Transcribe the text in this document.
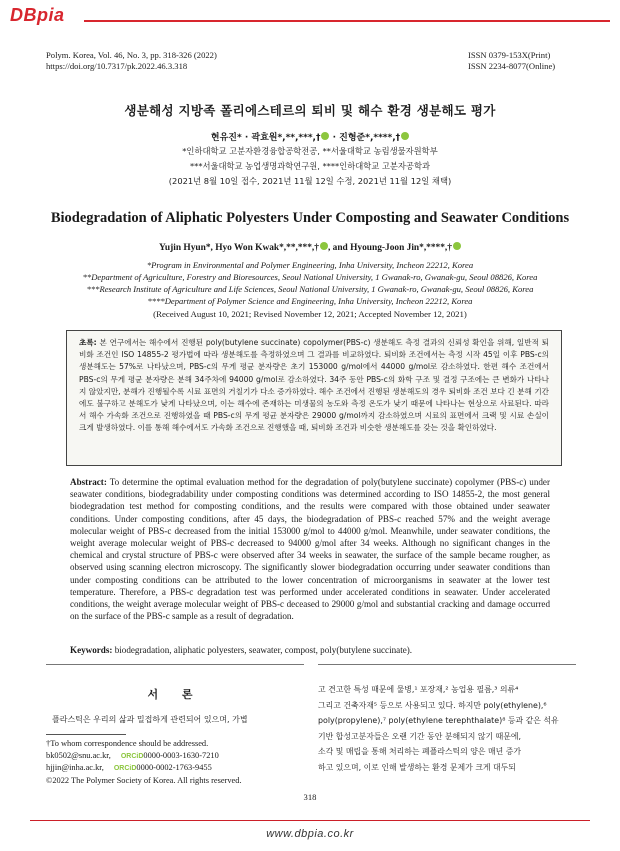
DBpia
Polym. Korea, Vol. 46, No. 3, pp. 318-326 (2022)
https://doi.org/10.7317/pk.2022.46.3.318
ISSN 0379-153X(Print)
ISSN 2234-8077(Online)
생분해성 지방족 폴리에스테르의 퇴비 및 해수 환경 생분해도 평가
현유진* · 곽효원*,**,***,† · 진형준*,****,†
*인하대학교 고분자환경융합공학전공, **서울대학교 농림생물자원학부
***서울대학교 농업생명과학연구원, ****인하대학교 고분자공학과
(2021년 8월 10일 접수, 2021년 11월 12일 수정, 2021년 11월 12일 채택)
Biodegradation of Aliphatic Polyesters Under Composting and Seawater Conditions
Yujin Hyun*, Hyo Won Kwak*,**,***,† , and Hyoung-Joon Jin*,****,†
*Program in Environmental and Polymer Engineering, Inha University, Incheon 22212, Korea
**Department of Agriculture, Forestry and Bioresources, Seoul National University, 1 Gwanak-ro, Gwanak-gu, Seoul 08826, Korea
***Research Institute of Agriculture and Life Sciences, Seoul National University, 1 Gwanak-ro, Gwanak-gu, Seoul 08826, Korea
****Department of Polymer Science and Engineering, Inha University, Incheon 22212, Korea
(Received August 10, 2021; Revised November 12, 2021; Accepted November 12, 2021)
초록: 본 연구에서는 해수에서 진행된 poly(butylene succinate) copolymer(PBS-c) 생분해도 측정 결과의 신뢰성 확인을 위해, 일반적 퇴비화 조건인 ISO 14855-2 평가법에 따라 생분해도를 측정하였으며 그 결과를 비교하였다. 퇴비화 조건에서는 측정 시작 45일 이후 PBS-c의 생분해도는 57%로 나타났으며, PBS-c의 무게 평균 분자량은 초기 153000 g/mol에서 44000 g/mol로 감소하였다. 한편 해수 조건에서 PBS-c의 무게 평균 분자량은 분해 34주차에 94000 g/mol로 감소하였다. 34주 동안 PBS-c의 화학 구조 및 결정 구조에는 큰 변화가 나타나지 않았지만, 분해가 진행될수록 시료 표면의 거칠기가 다소 증가하였다. 해수 조건에서 진행된 생분해도의 경우 퇴비화 조건 보다 긴 분해 기간에도 불구하고 분해도가 낮게 나타났으며, 이는 해수에 존재하는 미생물의 농도와 측정 온도가 낮기 때문에 나타나는 현상으로 사료된다. 따라서 해수 가속화 조건으로 진행하였을 때 PBS-c의 무게 평균 분자량은 29000 g/mol까지 감소하였으며 시료의 표면에서 크랙 및 시료 손실이 크게 발생하였다. 이를 통해 해수에서도 가속화 조건으로 진행했을 때, 퇴비화 조건과 비슷한 생분해도를 갖는 것을 확인하였다.
Abstract: To determine the optimal evaluation method for the degradation of poly(butylene succinate) copolymer (PBS-c) under seawater conditions, biodegradability under composting conditions was determined according to ISO 14855-2, the most general biodegradation test method for composting conditions, and the results were compared with those obtained under seawater conditions. Under composting conditions, after 45 days, the biodegradation of PBS-c reached 57% and the weight average molecular weight of PBS-c decreased from the initial 153000 g/mol to 44000 g/mol. Meanwhile, under seawater conditions, the weight average molecular weight of PBS-c decreased to 94000 g/mol after 34 weeks. Although no significant changes in the chemical and crystal structure of PBS-c were observed after 34 weeks in seawater, the surface of the sample became rougher, as observed using scanning electron microscopy. The significantly slower biodegradation occurring under seawater conditions than under composting conditions can be attributed to the lower concentration of microorganisms in seawater at the lower test temperature. Therefore, a PBS-c degradation test was performed under accelerated conditions in seawater. Under accelerated conditions, the weight average molecular weight of PBS-c deceased to 29000 g/mol and substantial cracking and damage occurred on the surface of the PBS-c sample as a result of degradation.
Keywords: biodegradation, aliphatic polyesters, seawater, compost, poly(butylene succinate).
서 론
플라스틱은 우리의 삶과 밀접하게 관련되어 있으며, 가볍
†To whom correspondence should be addressed.
bk0502@snu.ac.kr, ORCiD0000-0003-1630-7210
hjjin@inha.ac.kr, ORCiD0000-0002-1763-9455
©2022 The Polymer Society of Korea. All rights reserved.
고 견고한 특성 때문에 물병,¹ 포장재,² 농업용 필름,³ 의류⁴
그리고 건축자재⁵ 등으로 사용되고 있다. 하지만 poly(ethylene),⁶
poly(propylene),⁷ poly(ethylene terephthalate)⁸ 등과 같은 석유
기반 합성고분자들은 오랜 기간 동안 분해되지 않기 때문에,
소각 및 매립을 통해 처리하는 폐플라스틱의 양은 매년 증가
하고 있으며, 이로 인해 발생하는 환경 문제가 크게 대두되
318
www.dbpia.co.kr
